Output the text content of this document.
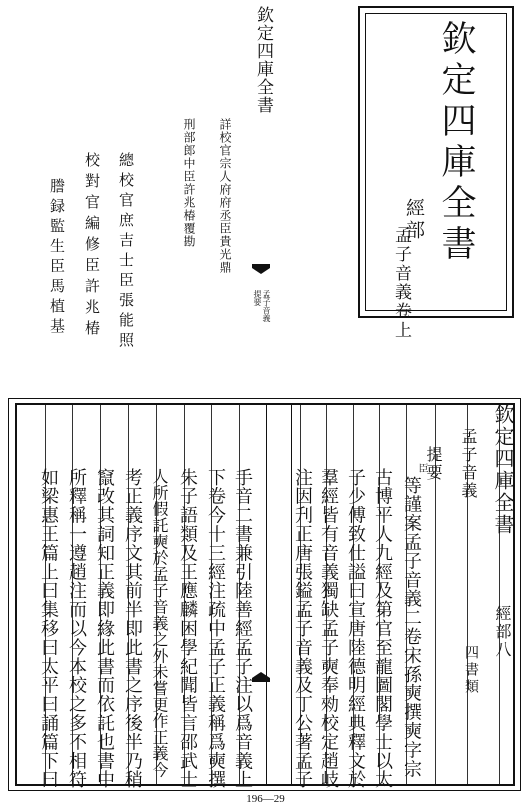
欽定四庫全書
經部
孟子音義卷上
詳校官宗人府府丞臣貴光鼎
刑部郎中臣許兆椿覆勘
總校官庶吉士臣張能照
校對官編修臣許兆椿
謄録監生臣馬植基
欽定四庫全書
孟子音義
提要
欽定四庫全書
經部八
孟子音義
四書類
提要
臣
等謹案孟子音義二卷宋孫奭撰奭字宗
古博平人九經及第官至龍圖閣學士以太
子少傅致仕謚曰宣唐陸德明經典釋文於
羣經皆有音義獨缺孟子奭奉勑校定趙岐
注因刋正唐張鎰孟子音義及丁公著孟子
手音二書兼引陸善經孟子注以爲音義上
下卷今十三經注疏中孟子正義稱爲奭撰
朱子語類及王應麟困學紀聞皆言邵武士
人所假託奭於孟子音義之外未嘗更作正義今
考正義序文其前半即此書之序後半乃稍
竄改其詞知正義即緣此書而依託也書中
所釋稱一遵趙注而以今本校之多不相符
如梁惠王篇上曰集移曰太平曰誦篇下曰
196—29
